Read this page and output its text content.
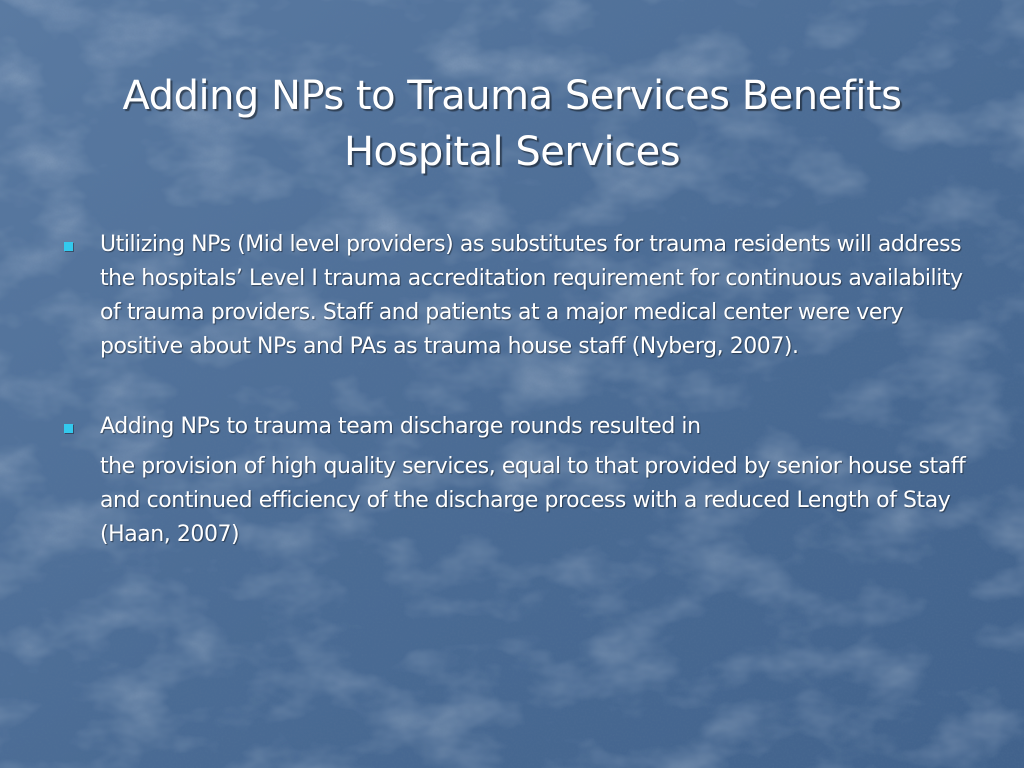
Adding NPs to Trauma Services Benefits
Hospital Services

Utilizing NPs (Mid level providers) as substitutes for trauma residents will address the hospitals’ Level I trauma accreditation requirement for continuous availability of trauma providers. Staff and patients at a major medical center were very positive about NPs and PAs as trauma house staff (Nyberg, 2007).

Adding NPs to trauma team discharge rounds resulted in

the provision of high quality services, equal to that provided by senior house staff and continued efficiency of the discharge process with a reduced Length of Stay (Haan, 2007)
